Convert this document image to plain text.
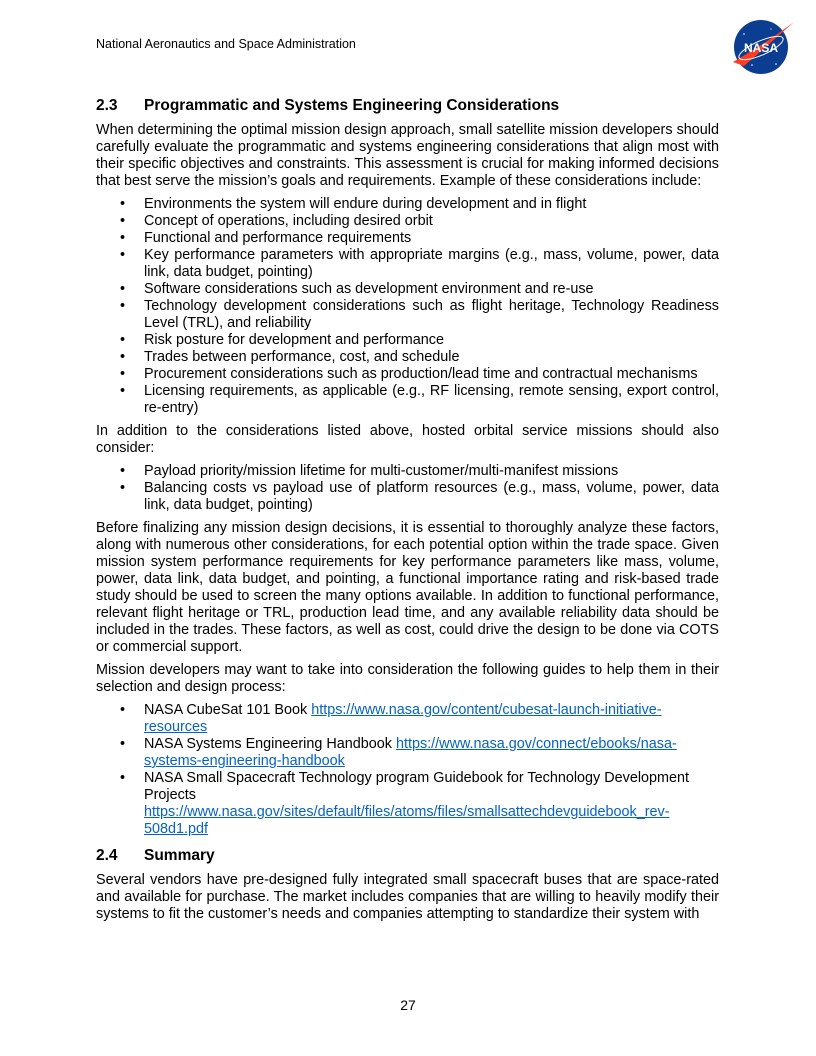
National Aeronautics and Space Administration	NASA
2.3 Programmatic and Systems Engineering Considerations

When determining the optimal mission design approach, small satellite mission developers should carefully evaluate the programmatic and systems engineering considerations that align most with their specific objectives and constraints. This assessment is crucial for making informed decisions that best serve the mission’s goals and requirements. Example of these considerations include:

• Environments the system will endure during development and in flight
• Concept of operations, including desired orbit
• Functional and performance requirements
• Key performance parameters with appropriate margins (e.g., mass, volume, power, data link, data budget, pointing)
• Software considerations such as development environment and re-use
• Technology development considerations such as flight heritage, Technology Readiness Level (TRL), and reliability
• Risk posture for development and performance
• Trades between performance, cost, and schedule
• Procurement considerations such as production/lead time and contractual mechanisms
• Licensing requirements, as applicable (e.g., RF licensing, remote sensing, export control, re-entry)

In addition to the considerations listed above, hosted orbital service missions should also consider:

• Payload priority/mission lifetime for multi-customer/multi-manifest missions
• Balancing costs vs payload use of platform resources (e.g., mass, volume, power, data link, data budget, pointing)

Before finalizing any mission design decisions, it is essential to thoroughly analyze these factors, along with numerous other considerations, for each potential option within the trade space. Given mission system performance requirements for key performance parameters like mass, volume, power, data link, data budget, and pointing, a functional importance rating and risk-based trade study should be used to screen the many options available. In addition to functional performance, relevant flight heritage or TRL, production lead time, and any available reliability data should be included in the trades. These factors, as well as cost, could drive the design to be done via COTS or commercial support.

Mission developers may want to take into consideration the following guides to help them in their selection and design process:

• NASA CubeSat 101 Book https://www.nasa.gov/content/cubesat-launch-initiative-resources
• NASA Systems Engineering Handbook https://www.nasa.gov/connect/ebooks/nasa-systems-engineering-handbook
• NASA Small Spacecraft Technology program Guidebook for Technology Development Projects https://www.nasa.gov/sites/default/files/atoms/files/smallsattechdevguidebook_rev-508d1.pdf
2.4 Summary

Several vendors have pre-designed fully integrated small spacecraft buses that are space-rated and available for purchase. The market includes companies that are willing to heavily modify their systems to fit the customer’s needs and companies attempting to standardize their system with

27
